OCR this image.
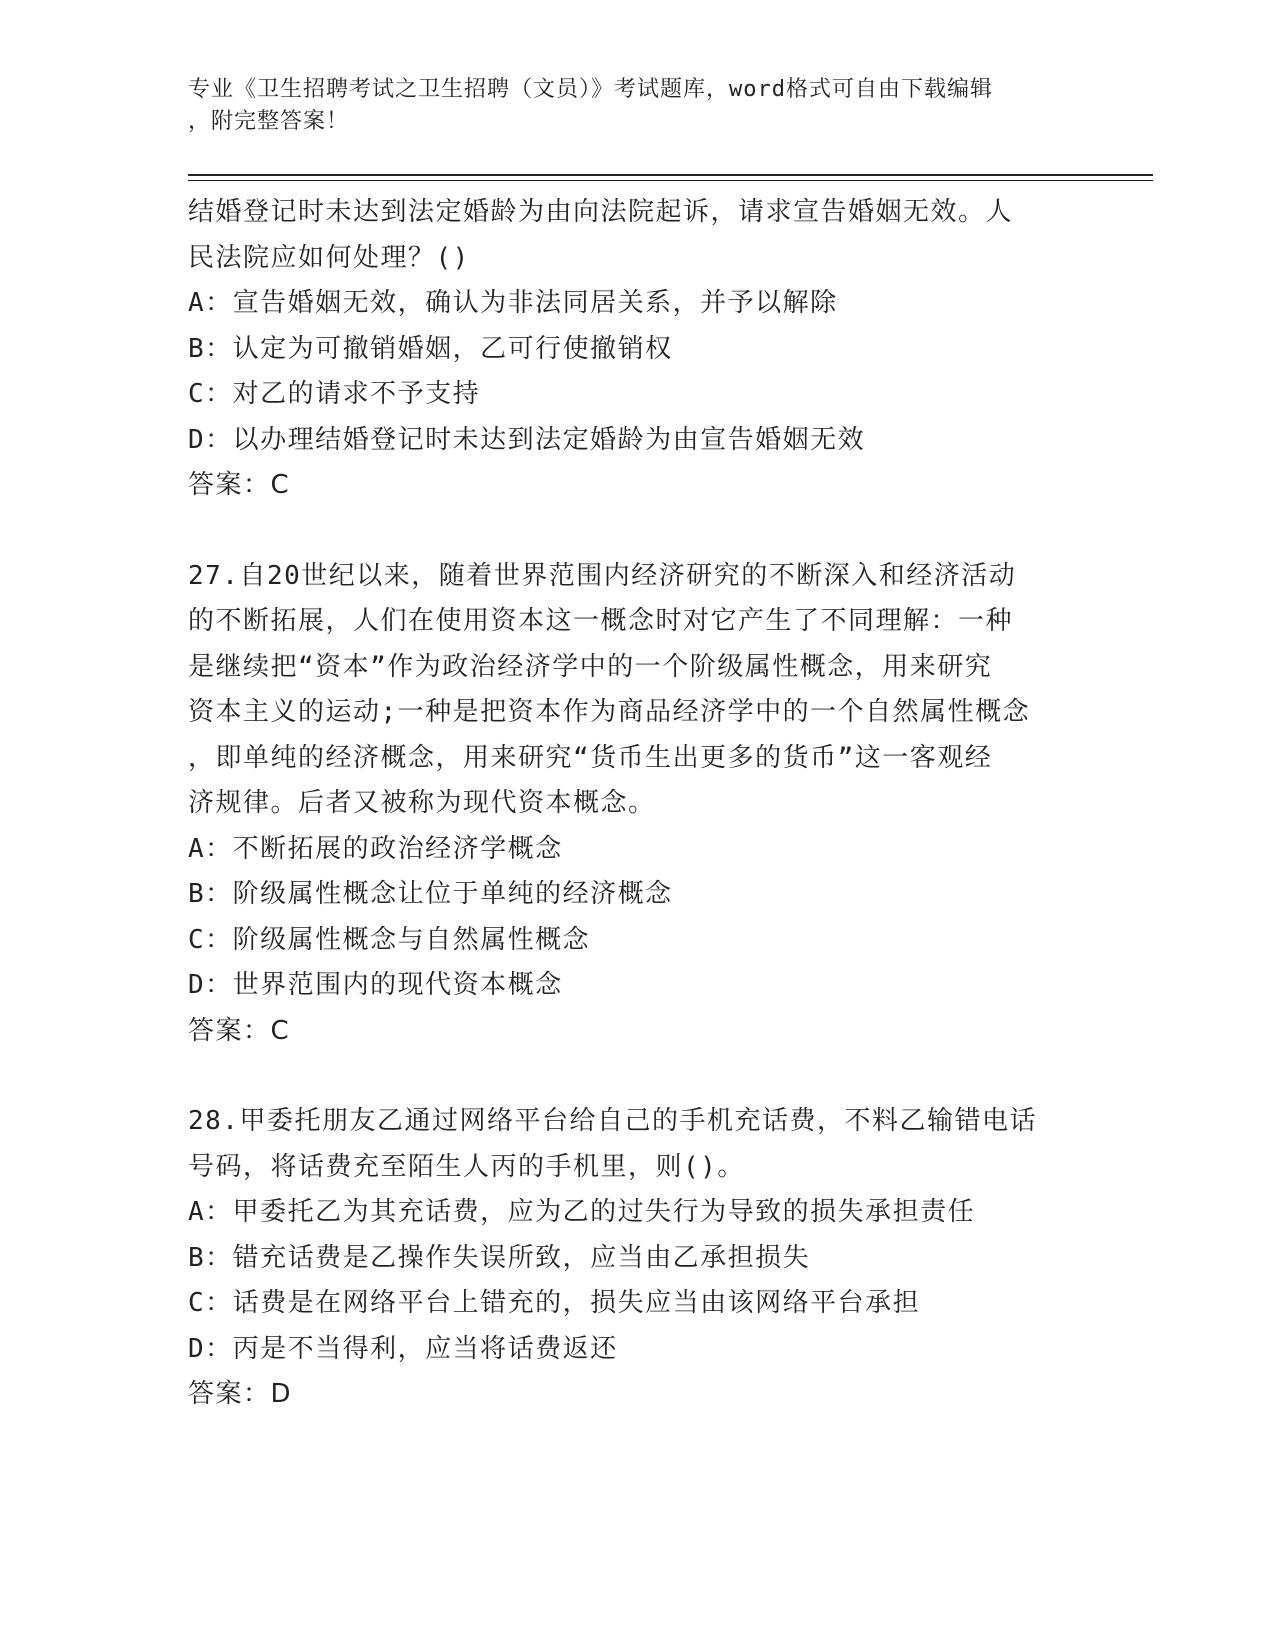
专业《卫生招聘考试之卫生招聘（文员）》考试题库，word格式可自由下载编辑
，附完整答案！
结婚登记时未达到法定婚龄为由向法院起诉，请求宣告婚姻无效。人
民法院应如何处理？()
A：宣告婚姻无效，确认为非法同居关系，并予以解除
B：认定为可撤销婚姻，乙可行使撤销权
C：对乙的请求不予支持
D：以办理结婚登记时未达到法定婚龄为由宣告婚姻无效
答案：C
27.自20世纪以来，随着世界范围内经济研究的不断深入和经济活动
的不断拓展，人们在使用资本这一概念时对它产生了不同理解：一种
是继续把“资本”作为政治经济学中的一个阶级属性概念，用来研究
资本主义的运动;一种是把资本作为商品经济学中的一个自然属性概念
，即单纯的经济概念，用来研究“货币生出更多的货币”这一客观经
济规律。后者又被称为现代资本概念。
A：不断拓展的政治经济学概念
B：阶级属性概念让位于单纯的经济概念
C：阶级属性概念与自然属性概念
D：世界范围内的现代资本概念
答案：C
28.甲委托朋友乙通过网络平台给自己的手机充话费，不料乙输错电话
号码，将话费充至陌生人丙的手机里，则()。
A：甲委托乙为其充话费，应为乙的过失行为导致的损失承担责任
B：错充话费是乙操作失误所致，应当由乙承担损失
C：话费是在网络平台上错充的，损失应当由该网络平台承担
D：丙是不当得利，应当将话费返还
答案：D
